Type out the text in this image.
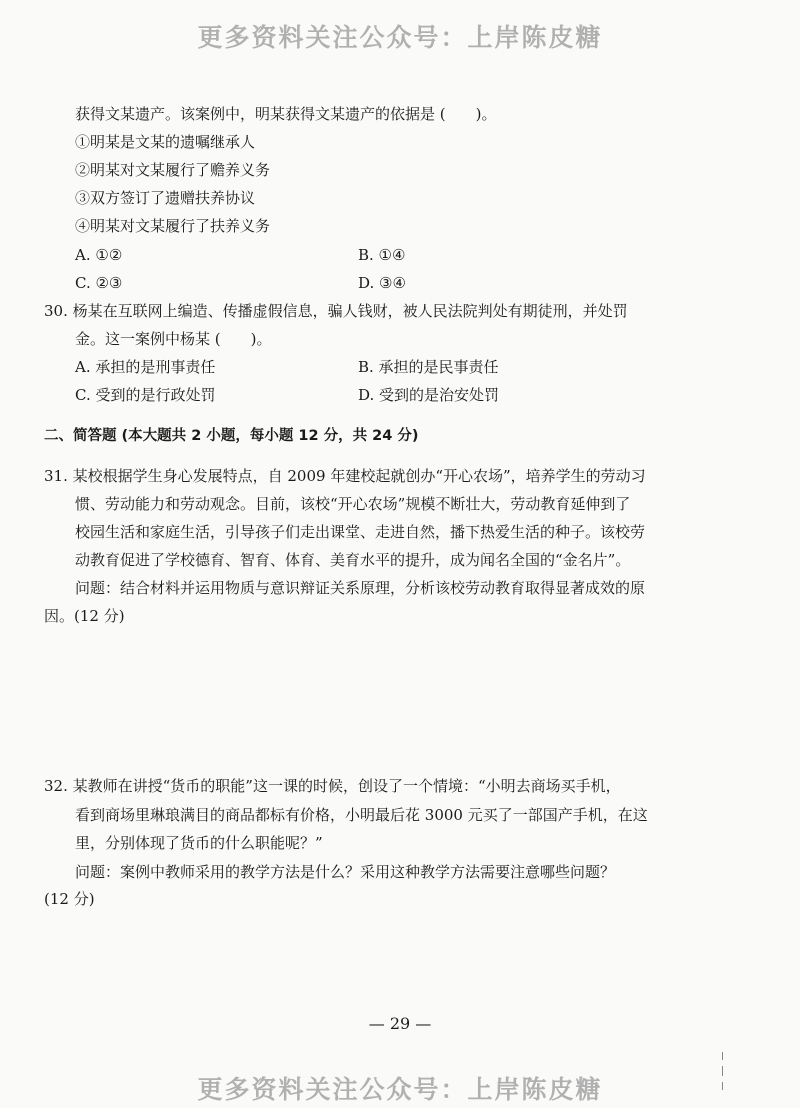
更多资料关注公众号：上岸陈皮糖
获得文某遗产。该案例中，明某获得文某遗产的依据是 (　　)。
①明某是文某的遗嘱继承人
②明某对文某履行了赡养义务
③双方签订了遗赠扶养协议
④明某对文某履行了扶养义务
A. ①②	B. ①④
C. ②③	D. ③④
30. 杨某在互联网上编造、传播虚假信息，骗人钱财，被人民法院判处有期徒刑，并处罚
金。这一案例中杨某 (　　)。
A. 承担的是刑事责任	B. 承担的是民事责任
C. 受到的是行政处罚	D. 受到的是治安处罚
二、简答题 (本大题共 2 小题，每小题 12 分，共 24 分)
31. 某校根据学生身心发展特点，自 2009 年建校起就创办“开心农场”，培养学生的劳动习
惯、劳动能力和劳动观念。目前，该校“开心农场”规模不断壮大，劳动教育延伸到了
校园生活和家庭生活，引导孩子们走出课堂、走进自然，播下热爱生活的种子。该校劳
动教育促进了学校德育、智育、体育、美育水平的提升，成为闻名全国的“金名片”。
问题：结合材料并运用物质与意识辩证关系原理，分析该校劳动教育取得显著成效的原
因。(12 分)
32. 某教师在讲授“货币的职能”这一课的时候，创设了一个情境：“小明去商场买手机，
看到商场里琳琅满目的商品都标有价格，小明最后花 3000 元买了一部国产手机，在这
里，分别体现了货币的什么职能呢？”
问题：案例中教师采用的教学方法是什么？采用这种教学方法需要注意哪些问题？
(12 分)
— 29 —
更多资料关注公众号：上岸陈皮糖
